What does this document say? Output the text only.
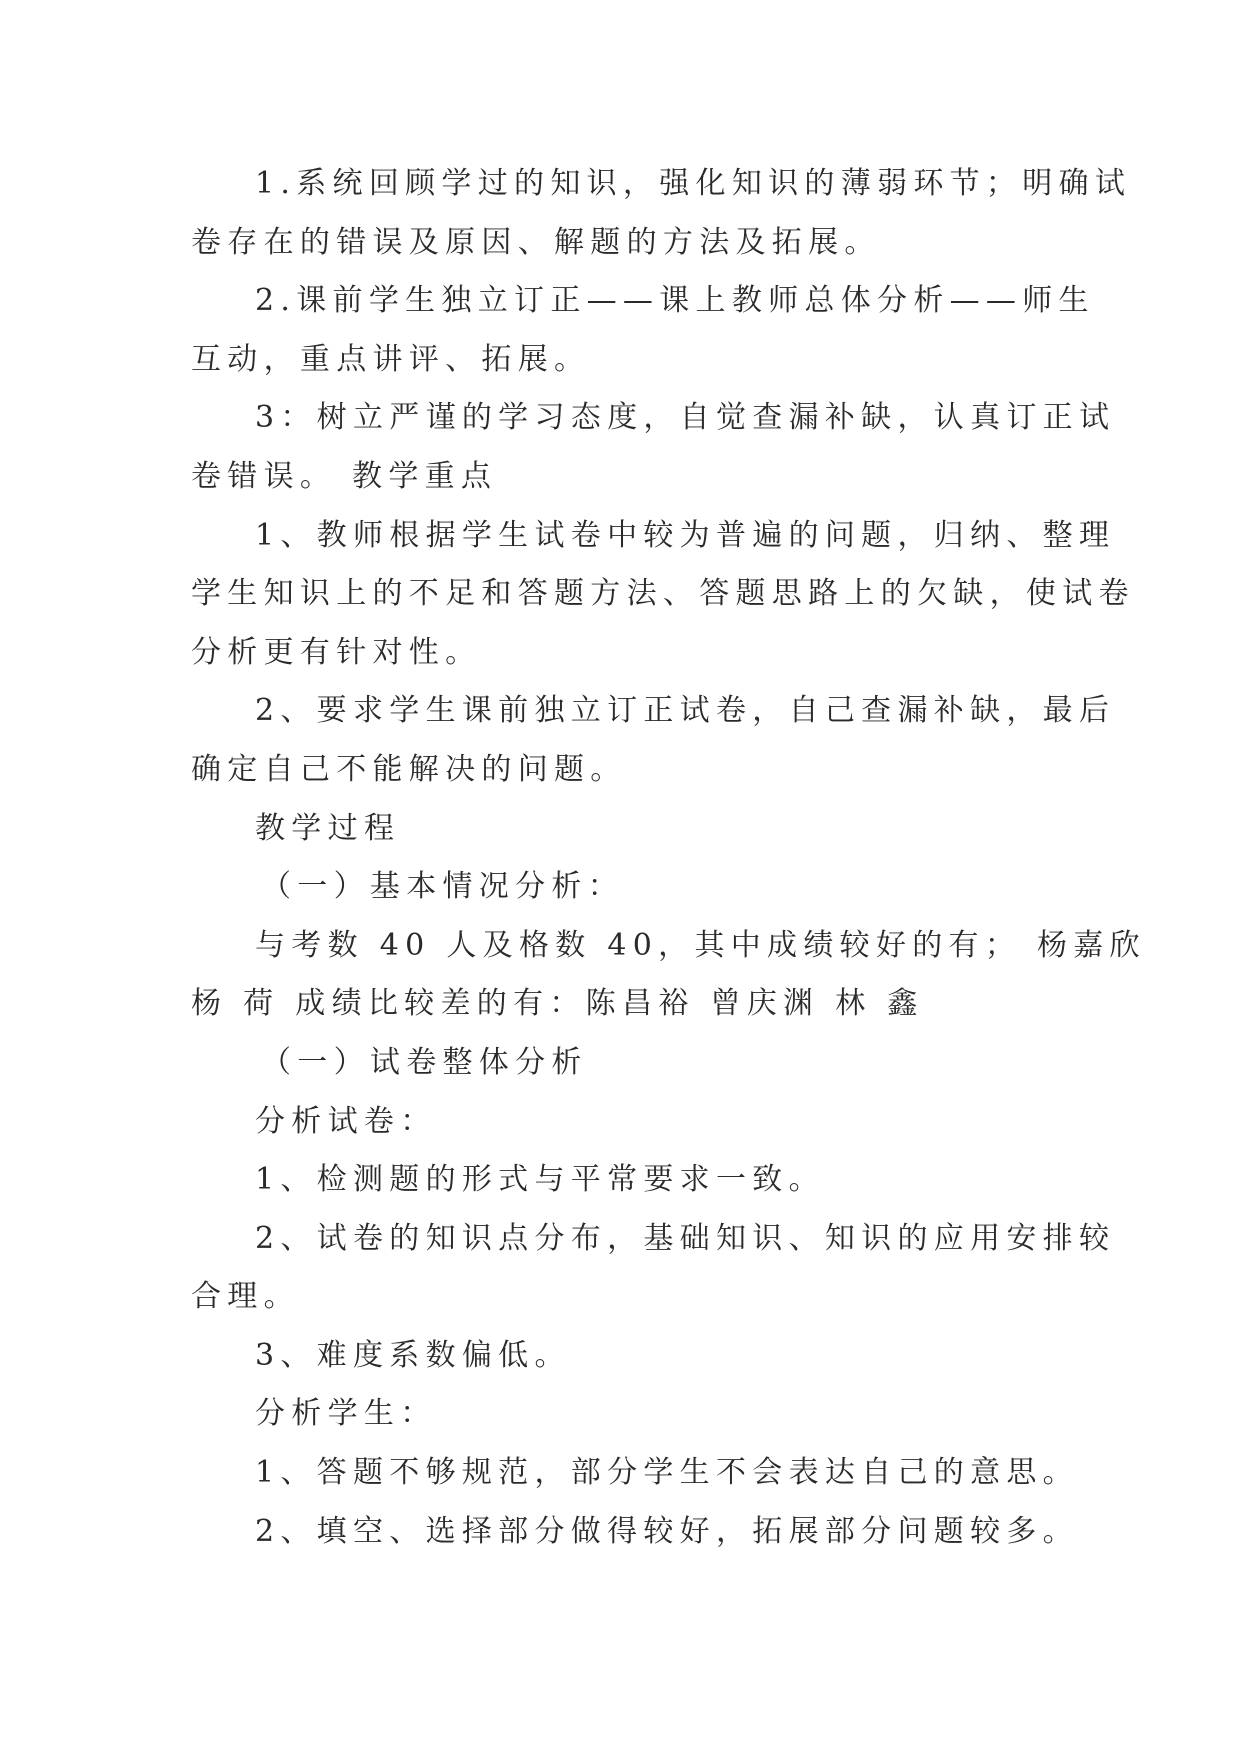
1.系统回顾学过的知识，强化知识的薄弱环节；明确试
卷存在的错误及原因、解题的方法及拓展。
2.课前学生独立订正——课上教师总体分析——师生
互动，重点讲评、拓展。
3：树立严谨的学习态度，自觉查漏补缺，认真订正试
卷错误。 教学重点
1、教师根据学生试卷中较为普遍的问题，归纳、整理
学生知识上的不足和答题方法、答题思路上的欠缺，使试卷
分析更有针对性。
2、要求学生课前独立订正试卷，自己查漏补缺，最后
确定自己不能解决的问题。
教学过程
（一）基本情况分析：
与考数 40 人及格数 40，其中成绩较好的有； 杨嘉欣
杨 荷 成绩比较差的有：陈昌裕 曾庆渊 林 鑫
（一）试卷整体分析
分析试卷：
1、检测题的形式与平常要求一致。
2、试卷的知识点分布，基础知识、知识的应用安排较
合理。
3、难度系数偏低。
分析学生：
1、答题不够规范，部分学生不会表达自己的意思。
2、填空、选择部分做得较好，拓展部分问题较多。
